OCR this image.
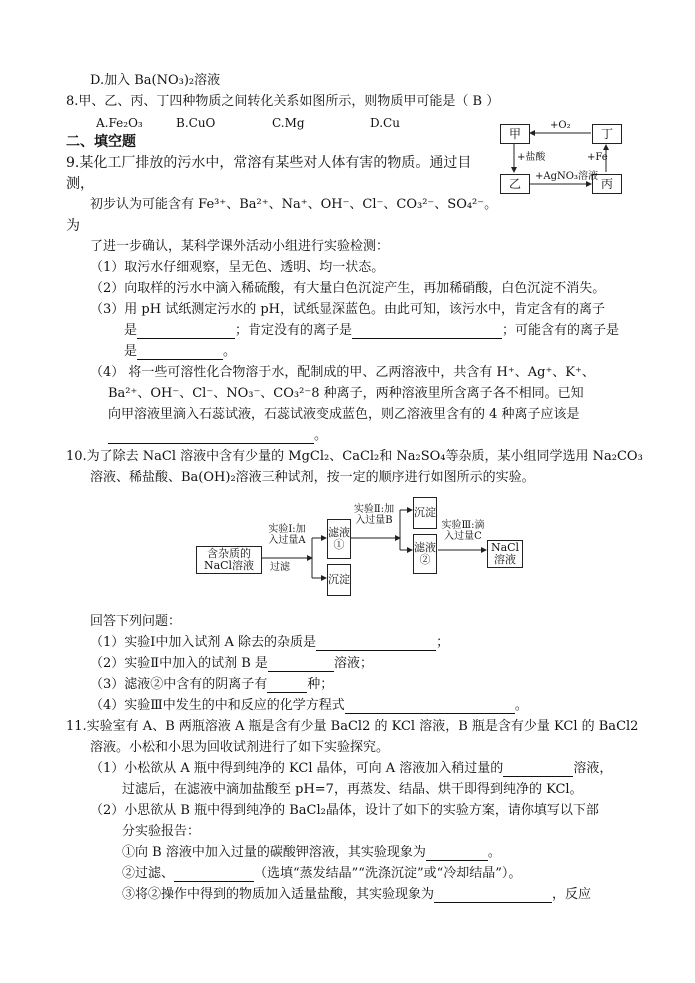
D.加入 Ba(NO₃)₂溶液
8.甲、乙、丙、丁四种物质之间转化关系如图所示，则物质甲可能是（ B ）
A.Fe₂O₃	B.CuO	C.Mg	D.Cu
甲	丁
乙	丙
+O₂
+盐酸	+Fe
+AgNO₃溶液
二、填空题
9.某化工厂排放的污水中，常溶有某些对人体有害的物质。通过目
测，
初步认为可能含有 Fe³⁺、Ba²⁺、Na⁺、OH⁻、Cl⁻、CO₃²⁻、SO₄²⁻。
为
了进一步确认，某科学课外活动小组进行实验检测：
（1）取污水仔细观察，呈无色、透明、均一状态。
（2）向取样的污水中滴入稀硫酸，有大量白色沉淀产生，再加稀硝酸，白色沉淀不消失。
（3）用 pH 试纸测定污水的 pH，试纸显深蓝色。由此可知，该污水中，肯定含有的离子
是	；肯定没有的离子是	；可能含有的离子是
是	。
（4） 将一些可溶性化合物溶于水，配制成的甲、乙两溶液中，共含有 H⁺、Ag⁺、K⁺、
Ba²⁺、OH⁻、Cl⁻、NO₃⁻、CO₃²⁻8 种离子，两种溶液里所含离子各不相同。已知
向甲溶液里滴入石蕊试液，石蕊试液变成蓝色，则乙溶液里含有的 4 种离子应该是
。
10.为了除去 NaCl 溶液中含有少量的 MgCl₂、CaCl₂和 Na₂SO₄等杂质，某小组同学选用 Na₂CO₃
溶液、稀盐酸、Ba(OH)₂溶液三种试剂，按一定的顺序进行如图所示的实验。
含杂质的NaCl溶液
实验Ⅰ:加入过量A
过滤
滤液①
沉淀
实验Ⅱ:加入过量B
沉淀
滤液②
实验Ⅲ:滴入过量C
NaCl溶液
回答下列问题：
（1）实验Ⅰ中加入试剂 A 除去的杂质是	；
（2）实验Ⅱ中加入的试剂 B 是	溶液；
（3）滤液②中含有的阴离子有	种；
（4）实验Ⅲ中发生的中和反应的化学方程式	。
11.实验室有 A、B 两瓶溶液 A 瓶是含有少量 BaCl2 的 KCl 溶液，B 瓶是含有少量 KCl 的 BaCl2
溶液。小松和小思为回收试剂进行了如下实验探究。
（1）小松欲从 A 瓶中得到纯净的 KCl 晶体，可向 A 溶液加入稍过量的	溶液，
过滤后，在滤液中滴加盐酸至 pH=7，再蒸发、结晶、烘干即得到纯净的 KCl。
（2）小思欲从 B 瓶中得到纯净的 BaCl₂晶体，设计了如下的实验方案，请你填写以下部
分实验报告：
①向 B 溶液中加入过量的碳酸钾溶液，其实验现象为	。
②过滤、	（选填“蒸发结晶”“洗涤沉淀”或“冷却结晶”）。
③将②操作中得到的物质加入适量盐酸，其实验现象为	，反应
